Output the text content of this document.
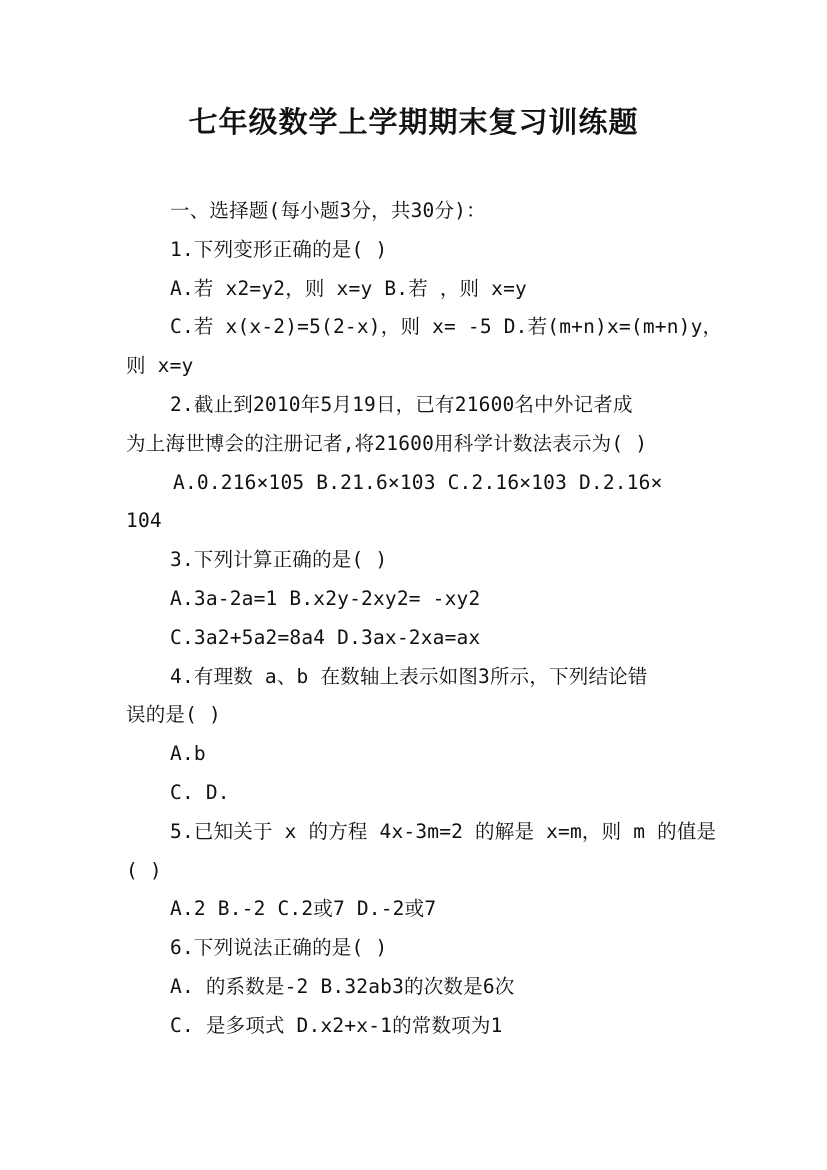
七年级数学上学期期末复习训练题

一、选择题(每小题3分，共30分)：

1.下列变形正确的是( )

A.若 x2=y2，则 x=y B.若 ，则 x=y

C.若 x(x-2)=5(2-x)，则 x= -5 D.若(m+n)x=(m+n)y，

则 x=y

2.截止到2010年5月19日，已有21600名中外记者成

为上海世博会的注册记者,将21600用科学计数法表示为( )

A.0.216×105 B.21.6×103 C.2.16×103 D.2.16×

104

3.下列计算正确的是( )

A.3a-2a=1 B.x2y-2xy2= -xy2

C.3a2+5a2=8a4 D.3ax-2xa=ax

4.有理数 a、b 在数轴上表示如图3所示，下列结论错

误的是( )

A.b

C. D.

5.已知关于 x 的方程 4x-3m=2 的解是 x=m，则 m 的值是

( )

A.2 B.-2 C.2或7 D.-2或7

6.下列说法正确的是( )

A. 的系数是-2 B.32ab3的次数是6次

C. 是多项式 D.x2+x-1的常数项为1
